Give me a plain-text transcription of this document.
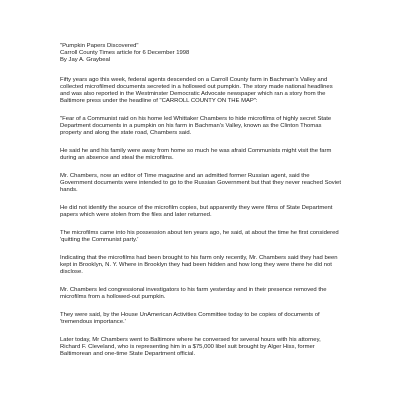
"Pumpkin Papers Discovered"
Carroll County Times article for 6 December 1998
By Jay A. Graybeal

Fifty years ago this week, federal agents descended on a Carroll County farm in Bachman's Valley and collected microfilmed documents secreted in a hollowed out pumpkin. The story made national headlines and was also reported in the Westminster Democratic Advocate newspaper which ran a story from the Baltimore press under the headline of "CARROLL COUNTY ON THE MAP":

"Fear of a Communist raid on his home led Whittaker Chambers to hide microfilms of highly secret State Department documents in a pumpkin on his farm in Bachman's Valley, known as the Clinton Thomas property and along the state road, Chambers said.

He said he and his family were away from home so much he was afraid Communists might visit the farm during an absence and steal the microfilms.

Mr. Chambers, now an editor of Time magazine and an admitted former Russian agent, said the Government documents were intended to go to the Russian Government but that they never reached Soviet hands.

He did not identify the source of the microfilm copies, but apparently they were films of State Department papers which were stolen from the files and later returned.

The microfilms came into his possession about ten years ago, he said, at about the time he first considered 'quitting the Communist party.'

Indicating that the microfilms had been brought to his farm only recently, Mr. Chambers said they had been kept in Brooklyn, N. Y. Where in Brooklyn they had been hidden and how long they were there he did not disclose.

Mr. Chambers led congressional investigators to his farm yesterday and in their presence removed the microfilms from a hollowed-out pumpkin.

They were said, by the House UnAmerican Activities Committee today to be copies of documents of 'tremendous importance.'

Later today, Mr Chambers went to Baltimore where he conversed for several hours with his attorney, Richard F. Cleveland, who is representing him in a $75,000 libel suit brought by Alger Hiss, former Baltimorean and one-time State Department official.
